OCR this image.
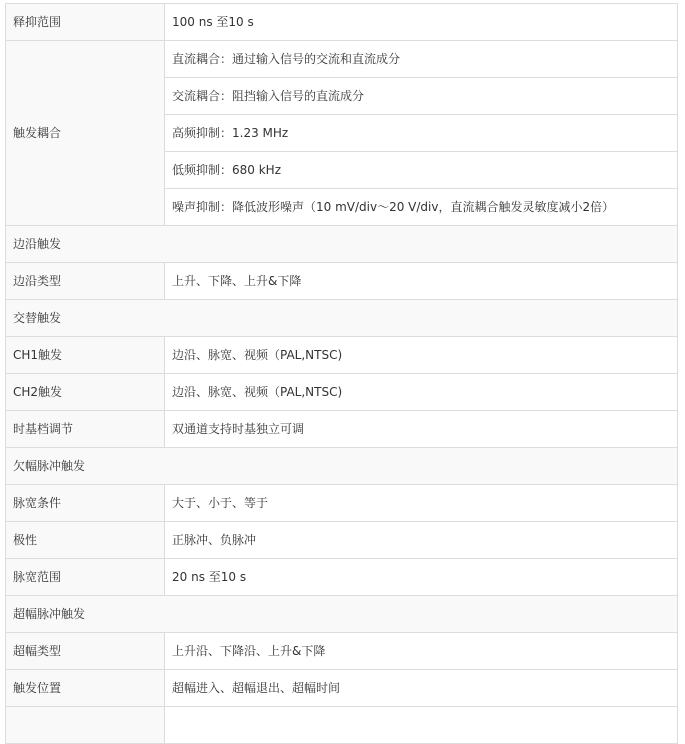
释抑范围	100 ns 至10 s
触发耦合	直流耦合：通过输入信号的交流和直流成分
	交流耦合：阻挡输入信号的直流成分
	高频抑制：1.23 MHz
	低频抑制：680 kHz
	噪声抑制：降低波形噪声（10 mV/div～20 V/div，直流耦合触发灵敏度减小2倍）
边沿触发	
边沿类型	上升、下降、上升&下降
交替触发	
CH1触发	边沿、脉宽、视频（PAL,NTSC)
CH2触发	边沿、脉宽、视频（PAL,NTSC)
时基档调节	双通道支持时基独立可调
欠幅脉冲触发	
脉宽条件	大于、小于、等于
极性	正脉冲、负脉冲
脉宽范围	20 ns 至10 s
超幅脉冲触发	
超幅类型	上升沿、下降沿、上升&下降
触发位置	超幅进入、超幅退出、超幅时间
